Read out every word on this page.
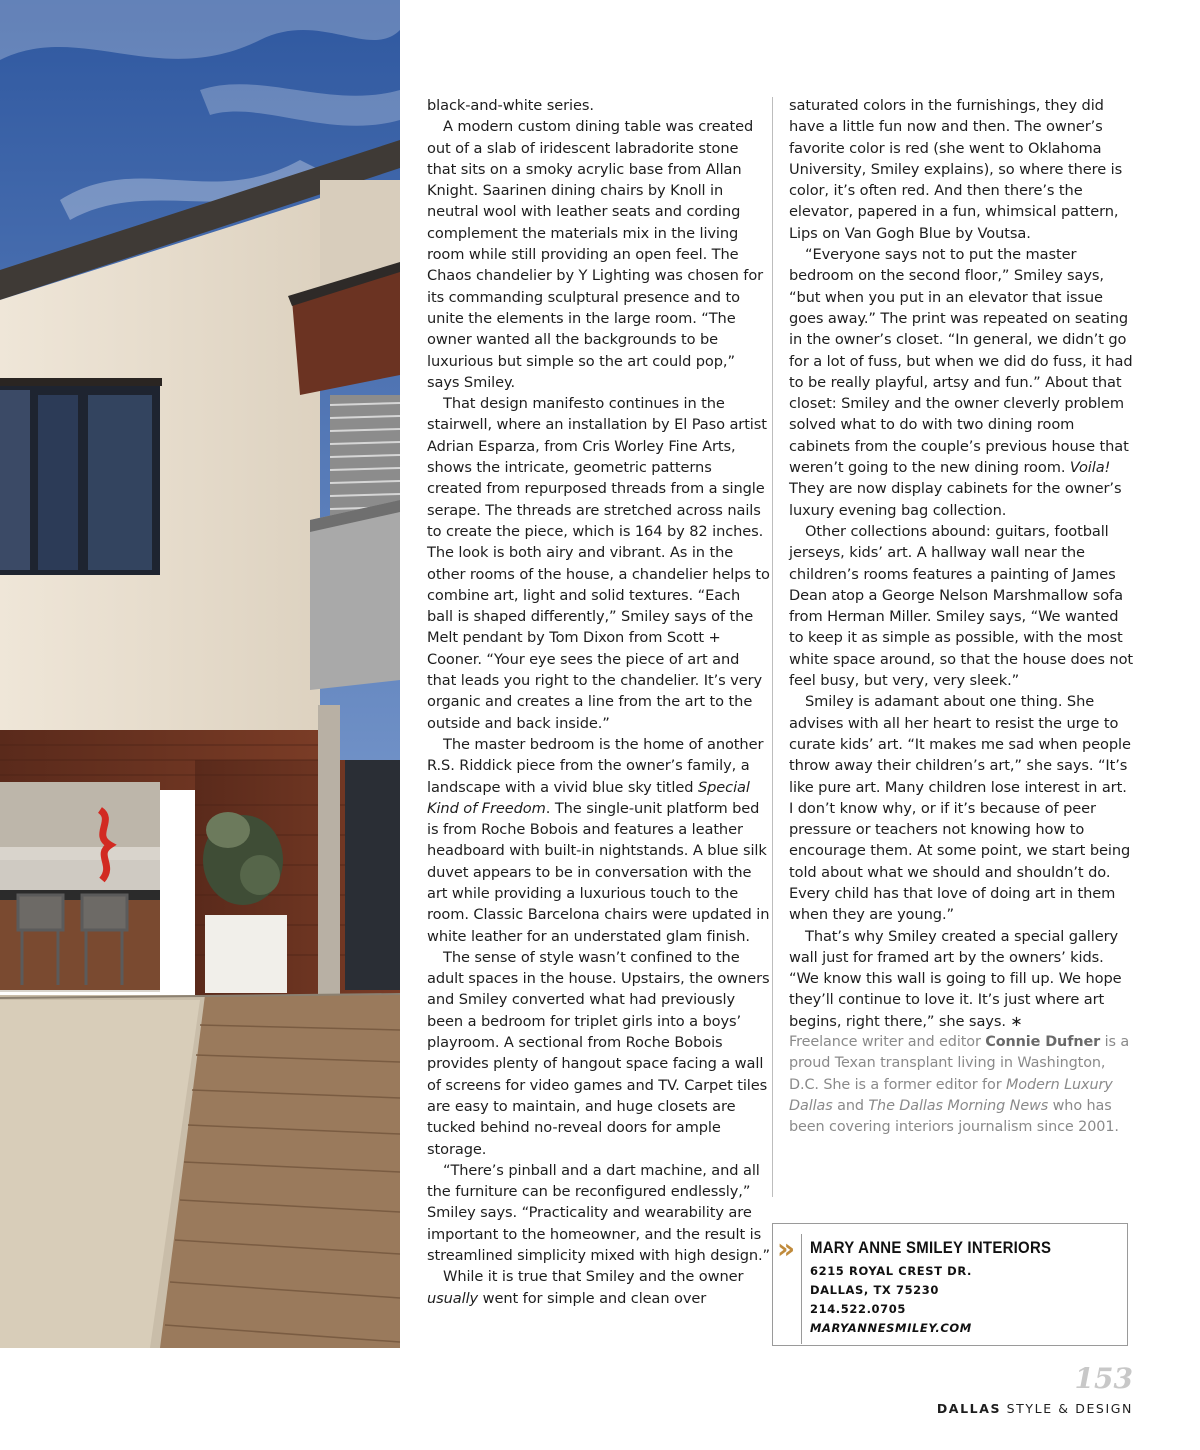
black-and-white series.

A modern custom dining table was created out of a slab of iridescent labradorite stone that sits on a smoky acrylic base from Allan Knight. Saarinen dining chairs by Knoll in neutral wool with leather seats and cording complement the materials mix in the living room while still providing an open feel. The Chaos chandelier by Y Lighting was chosen for its commanding sculptural presence and to unite the elements in the large room. “The owner wanted all the backgrounds to be luxurious but simple so the art could pop,” says Smiley.

That design manifesto continues in the stairwell, where an installation by El Paso artist Adrian Esparza, from Cris Worley Fine Arts, shows the intricate, geometric patterns created from repurposed threads from a single serape. The threads are stretched across nails to create the piece, which is 164 by 82 inches. The look is both airy and vibrant. As in the other rooms of the house, a chandelier helps to combine art, light and solid textures. “Each ball is shaped differently,” Smiley says of the Melt pendant by Tom Dixon from Scott + Cooner. “Your eye sees the piece of art and that leads you right to the chandelier. It’s very organic and creates a line from the art to the outside and back inside.”

The master bedroom is the home of another R.S. Riddick piece from the owner’s family, a landscape with a vivid blue sky titled Special Kind of Freedom. The single-unit platform bed is from Roche Bobois and features a leather headboard with built-in nightstands. A blue silk duvet appears to be in conversation with the art while providing a luxurious touch to the room. Classic Barcelona chairs were updated in white leather for an understated glam finish.

The sense of style wasn’t confined to the adult spaces in the house. Upstairs, the owners and Smiley converted what had previously been a bedroom for triplet girls into a boys’ playroom. A sectional from Roche Bobois provides plenty of hangout space facing a wall of screens for video games and TV. Carpet tiles are easy to maintain, and huge closets are tucked behind no-reveal doors for ample storage.

“There’s pinball and a dart machine, and all the furniture can be reconfigured endlessly,” Smiley says. “Practicality and wearability are important to the homeowner, and the result is streamlined simplicity mixed with high design.”

While it is true that Smiley and the owner usually went for simple and clean over

saturated colors in the furnishings, they did have a little fun now and then. The owner’s favorite color is red (she went to Oklahoma University, Smiley explains), so where there is color, it’s often red. And then there’s the elevator, papered in a fun, whimsical pattern, Lips on Van Gogh Blue by Voutsa.

“Everyone says not to put the master bedroom on the second floor,” Smiley says, “but when you put in an elevator that issue goes away.” The print was repeated on seating in the owner’s closet. “In general, we didn’t go for a lot of fuss, but when we did do fuss, it had to be really playful, artsy and fun.” About that closet: Smiley and the owner cleverly problem solved what to do with two dining room cabinets from the couple’s previous house that weren’t going to the new dining room. Voila! They are now display cabinets for the owner’s luxury evening bag collection.

Other collections abound: guitars, football jerseys, kids’ art. A hallway wall near the children’s rooms features a painting of James Dean atop a George Nelson Marshmallow sofa from Herman Miller. Smiley says, “We wanted to keep it as simple as possible, with the most white space around, so that the house does not feel busy, but very, very sleek.”

Smiley is adamant about one thing. She advises with all her heart to resist the urge to curate kids’ art. “It makes me sad when people throw away their children’s art,” she says. “It’s like pure art. Many children lose interest in art. I don’t know why, or if it’s because of peer pressure or teachers not knowing how to encourage them. At some point, we start being told about what we should and shouldn’t do. Every child has that love of doing art in them when they are young.”

That’s why Smiley created a special gallery wall just for framed art by the owners’ kids. “We know this wall is going to fill up. We hope they’ll continue to love it. It’s just where art begins, right there,” she says. ∗

Freelance writer and editor Connie Dufner is a proud Texan transplant living in Washington, D.C. She is a former editor for Modern Luxury Dallas and The Dallas Morning News who has been covering interiors journalism since 2001.

» MARY ANNE SMILEY INTERIORS
6215 ROYAL CREST DR.
DALLAS, TX 75230
214.522.0705
MARYANNESMILEY.COM
153
DALLAS STYLE & DESIGN
